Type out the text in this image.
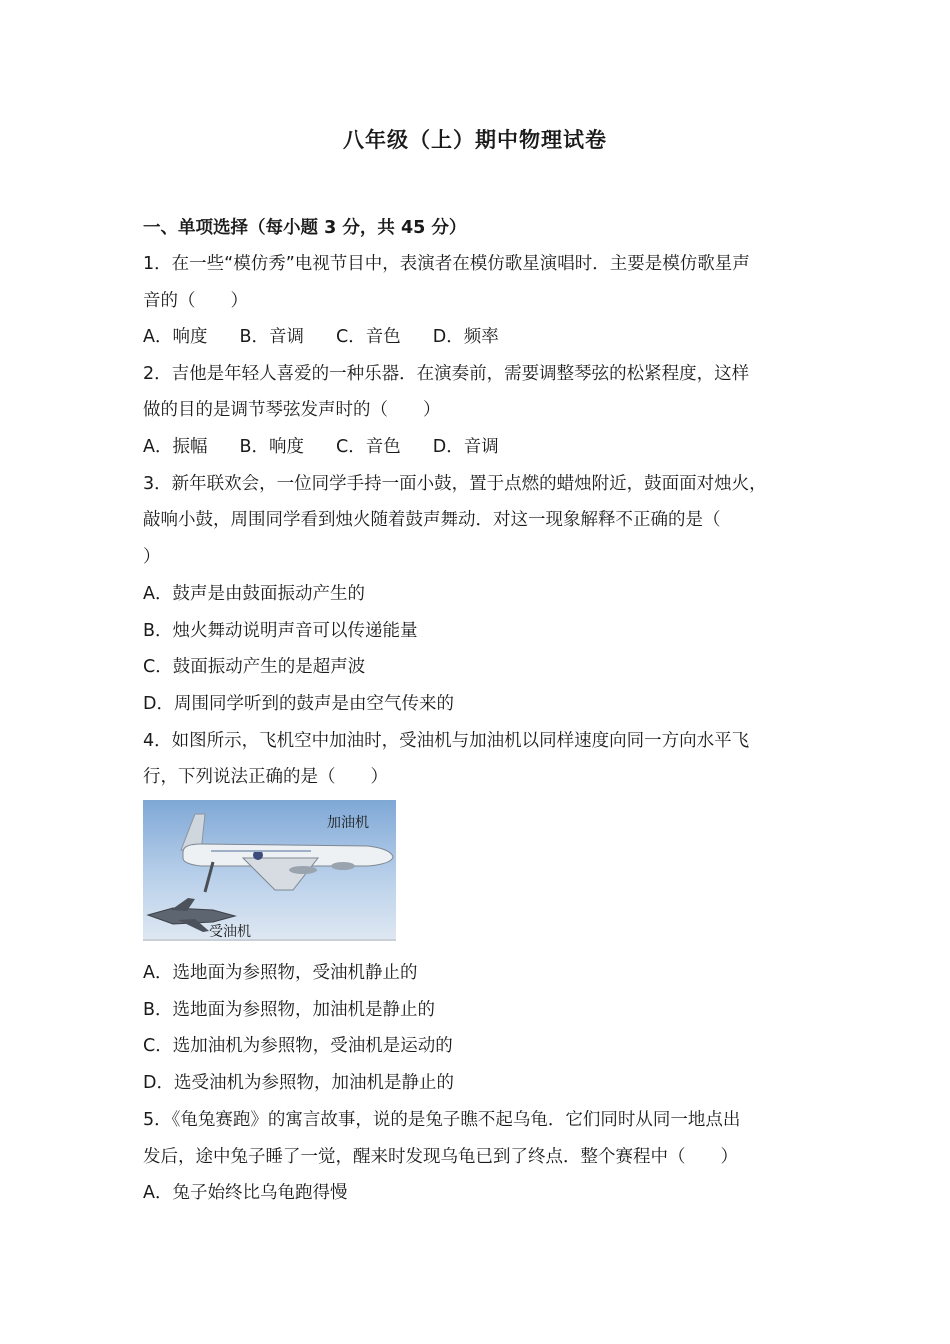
八年级（上）期中物理试卷
一、单项选择（每小题 3 分，共 45 分）
1．在一些“模仿秀”电视节目中，表演者在模仿歌星演唱时．主要是模仿歌星声
音的（　　）
A．响度 B．音调 C．音色 D．频率
2．吉他是年轻人喜爱的一种乐器．在演奏前，需要调整琴弦的松紧程度，这样
做的目的是调节琴弦发声时的（　　）
A．振幅 B．响度 C．音色 D．音调
3．新年联欢会，一位同学手持一面小鼓，置于点燃的蜡烛附近，鼓面面对烛火，
敲响小鼓，周围同学看到烛火随着鼓声舞动．对这一现象解释不正确的是（
）
A．鼓声是由鼓面振动产生的
B．烛火舞动说明声音可以传递能量
C．鼓面振动产生的是超声波
D．周围同学听到的鼓声是由空气传来的
4．如图所示，飞机空中加油时，受油机与加油机以同样速度向同一方向水平飞
行，下列说法正确的是（　　）
加油机
受油机
A．选地面为参照物，受油机静止的
B．选地面为参照物，加油机是静止的
C．选加油机为参照物，受油机是运动的
D．选受油机为参照物，加油机是静止的
5．《龟兔赛跑》的寓言故事，说的是兔子瞧不起乌龟．它们同时从同一地点出
发后，途中兔子睡了一觉，醒来时发现乌龟已到了终点．整个赛程中（　　）
A．兔子始终比乌龟跑得慢
